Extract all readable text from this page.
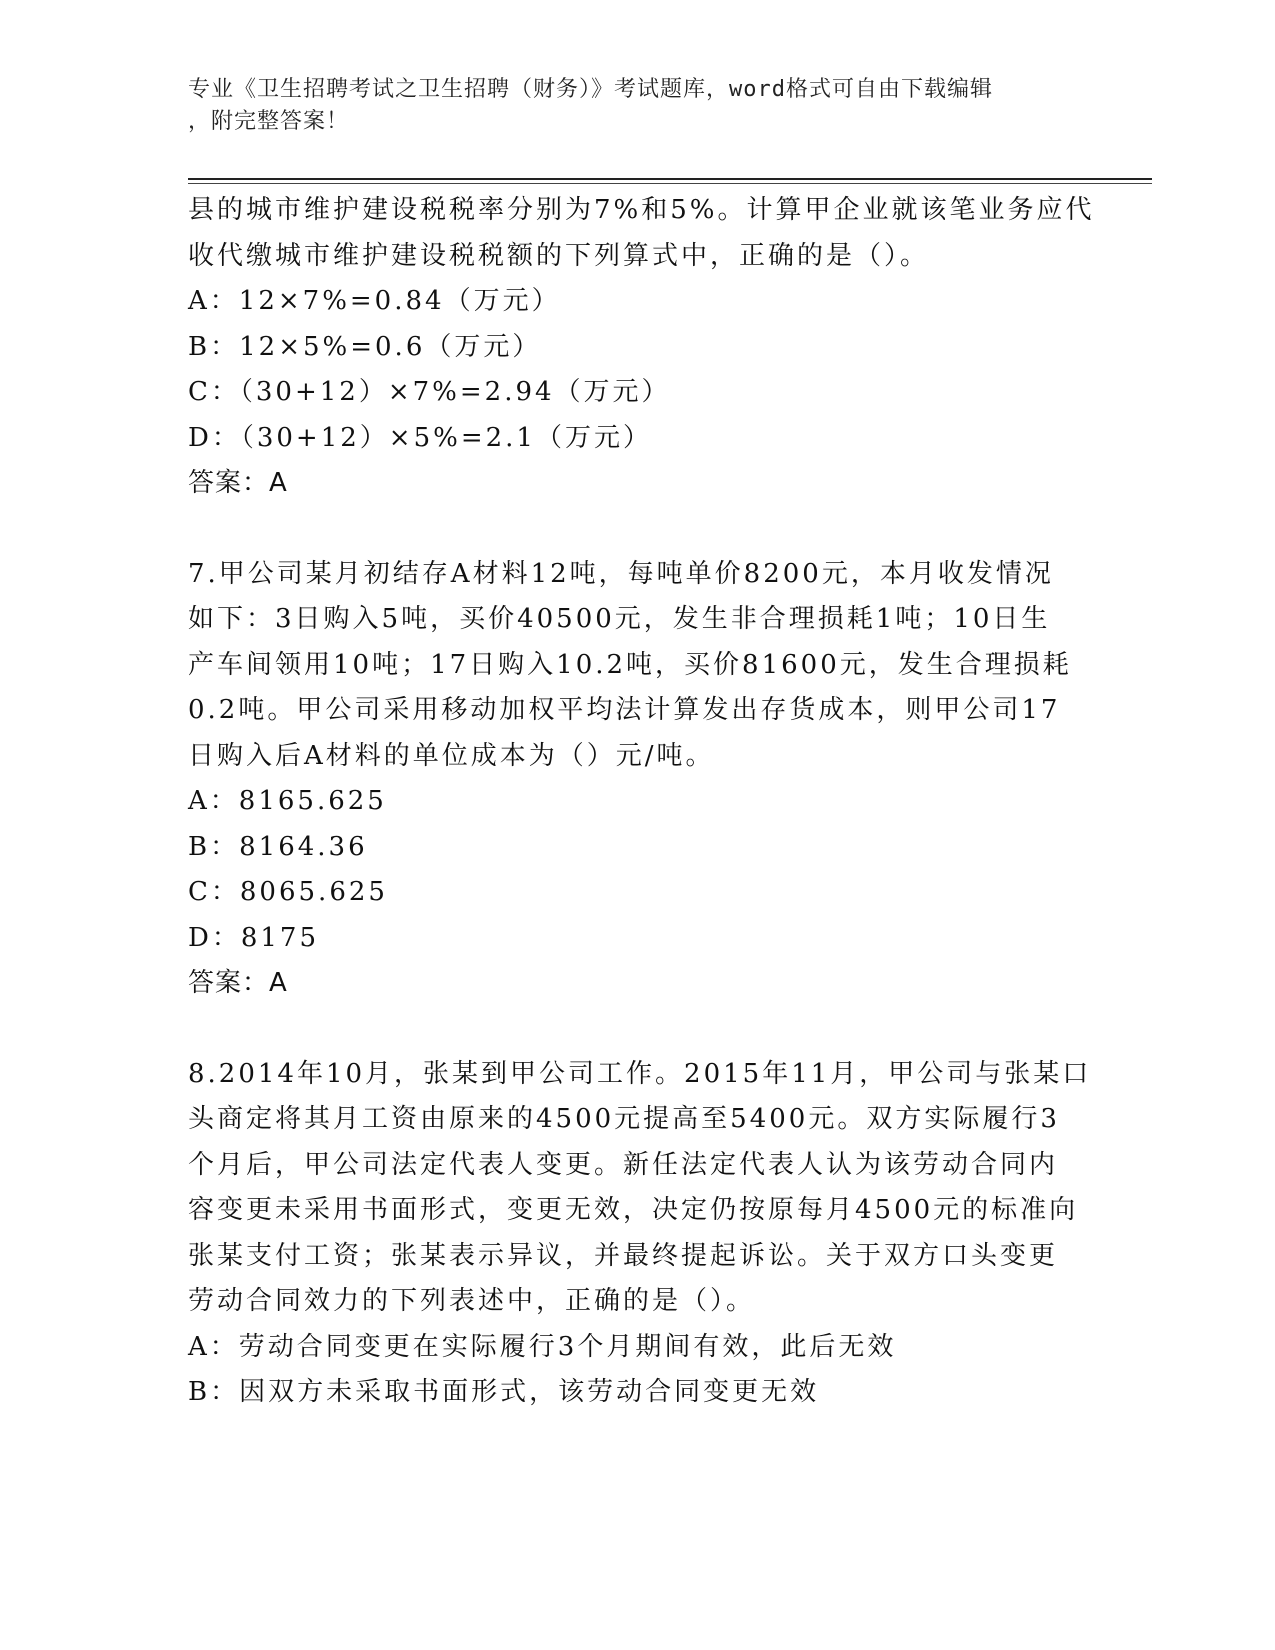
专业《卫生招聘考试之卫生招聘（财务）》考试题库，word格式可自由下载编辑
，附完整答案！
县的城市维护建设税税率分别为7%和5%。计算甲企业就该笔业务应代
收代缴城市维护建设税税额的下列算式中，正确的是（）。
A：12×7%=0.84（万元）
B：12×5%=0.6（万元）
C：（30+12）×7%=2.94（万元）
D：（30+12）×5%=2.1（万元）
答案：A
7.甲公司某月初结存A材料12吨，每吨单价8200元，本月收发情况
如下：3日购入5吨，买价40500元，发生非合理损耗1吨；10日生
产车间领用10吨；17日购入10.2吨，买价81600元，发生合理损耗
0.2吨。甲公司采用移动加权平均法计算发出存货成本，则甲公司17
日购入后A材料的单位成本为（）元/吨。
A：8165.625
B：8164.36
C：8065.625
D：8175
答案：A
8.2014年10月，张某到甲公司工作。2015年11月，甲公司与张某口
头商定将其月工资由原来的4500元提高至5400元。双方实际履行3
个月后，甲公司法定代表人变更。新任法定代表人认为该劳动合同内
容变更未采用书面形式，变更无效，决定仍按原每月4500元的标准向
张某支付工资；张某表示异议，并最终提起诉讼。关于双方口头变更
劳动合同效力的下列表述中，正确的是（）。
A：劳动合同变更在实际履行3个月期间有效，此后无效
B：因双方未采取书面形式，该劳动合同变更无效
